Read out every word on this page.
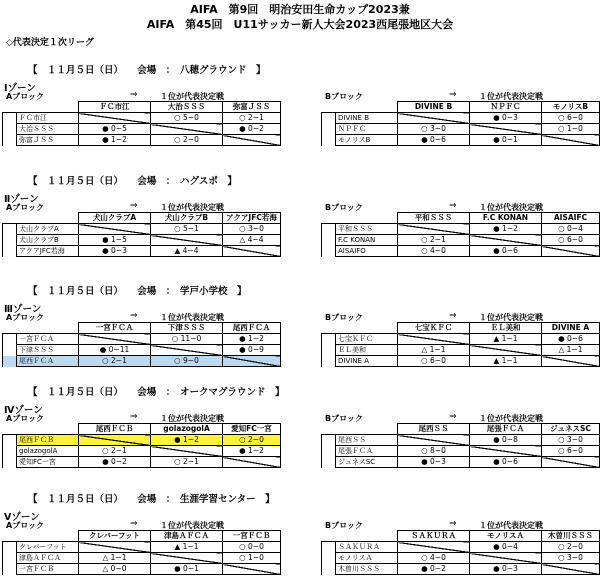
AIFA　第9回　明治安田生命カップ2023兼
AIFA　第45回　U11サッカー新人大会2023西尾張地区大会
◇代表決定１次リーグ
【　１１月５日（日）　　会場　：　八穂グラウンド　】
Ⅰゾーン
Aブロック	⇒	１位が代表決定戦
		ＦＣ市江	大治ＳＳＳ	弥富ＪＳＳ
	ＦＣ市江		○ 5−0	○ 2−1
	大治ＳＳＳ	● 0−5		● 0−2
	弥富ＪＳＳ	● 1−2	○ 2−0	
Bブロック	⇒	１位が代表決定戦
		DIVINE B	ＮＰＦＣ	モノリスB
	DIVINE B		● 0−3	○ 6−0
	ＮＰＦＣ	○ 3−0		○ 1−0
	モノリスB	● 0−6	● 0−1	
【　１１月５日（日）　　会場　：　ハグスポ　】
Ⅱゾーン
Aブロック	⇒	１位が代表決定戦
		犬山クラブA	犬山クラブB	アクアJFC若海
	犬山クラブA		○ 5−1	○ 3−0
	犬山クラブB	● 1−5		△ 4−4
	アクアJFC若海	● 0−3	▲ 4−4	
Bブロック	⇒	１位が代表決定戦
		平和ＳＳＳ	F.C KONAN	AISAIFC
	平和ＳＳＳ		● 1−2	○ 0−4
	F.C KONAN	○ 2−1		○ 6−0
	AISAIFO	○ 4−0	● 0−6	
【　１１月５日（日）　　会場　：　学戸小学校　】
Ⅲゾーン
Aブロック	⇒	１位が代表決定戦
		一宮ＦＣＡ	下津ＳＳＳ	尾西ＦＣＡ
	一宮ＦＣＡ		○ 11−0	● 1−2
	下津ＳＳＳ	● 0−11		● 0−9
	尾西ＦＣＡ	○ 2−1	○ 9−0	
Bブロック	⇒	１位が代表決定戦
		七宝ＫＦＣ	ＥＬ美和	DIVINE A
	七宝ＫＦＣ		▲ 1−1	● 0−6
	ＥＬ美和	△ 1−1		△ 1−1
	DIVINE A	○ 6−0	▲ 1−1	
【　１１月５日（日）　　会場　：　オークマグラウンド　】
Ⅳゾーン
Aブロック	⇒	１位が代表決定戦
		尾西ＦＣＢ	golazogolA	愛知FC一宮
	尾西ＦＣＢ		● 1−2	○ 2−0
	golazogolA	○ 2−1		● 1−2
	愛知FC一宮	● 0−2	○ 2−1	
Bブロック	⇒	１位が代表決定戦
		尾西ＳＳ	尾張ＦＣＡ	ジュネスSC
	尾西ＳＳ		● 0−8	○ 3−0
	尾張ＦＣＡ	○ 8−0		○ 6−0
	ジュネスSC	● 0−3	● 0−6	
【　１１月５日（日）　　会場　：　生涯学習センター　】
Ⅴゾーン
Aブロック	⇒	１位が代表決定戦
		クレバーフット	津島ＡＦＣＡ	一宮ＦＣＢ
	クレバーフット		▲ 1−1	○ 0−0
	津島ＡＦＣＡ	△ 1−1		○ 1−0
	一宮ＦＣＢ	△ 0−0	● 0−1	
Bブロック	⇒	１位が代表決定戦
		ＳＡＫＵＲＡ	モノリスＡ	木曽川ＳＳＳ
	ＳＡＫＵＲＡ		● 0−4	○ 2−0
	モノリスＡ	○ 4−0		○ 3−0
	木曽川ＳＳＳ	● 0−2	● 0−3	
